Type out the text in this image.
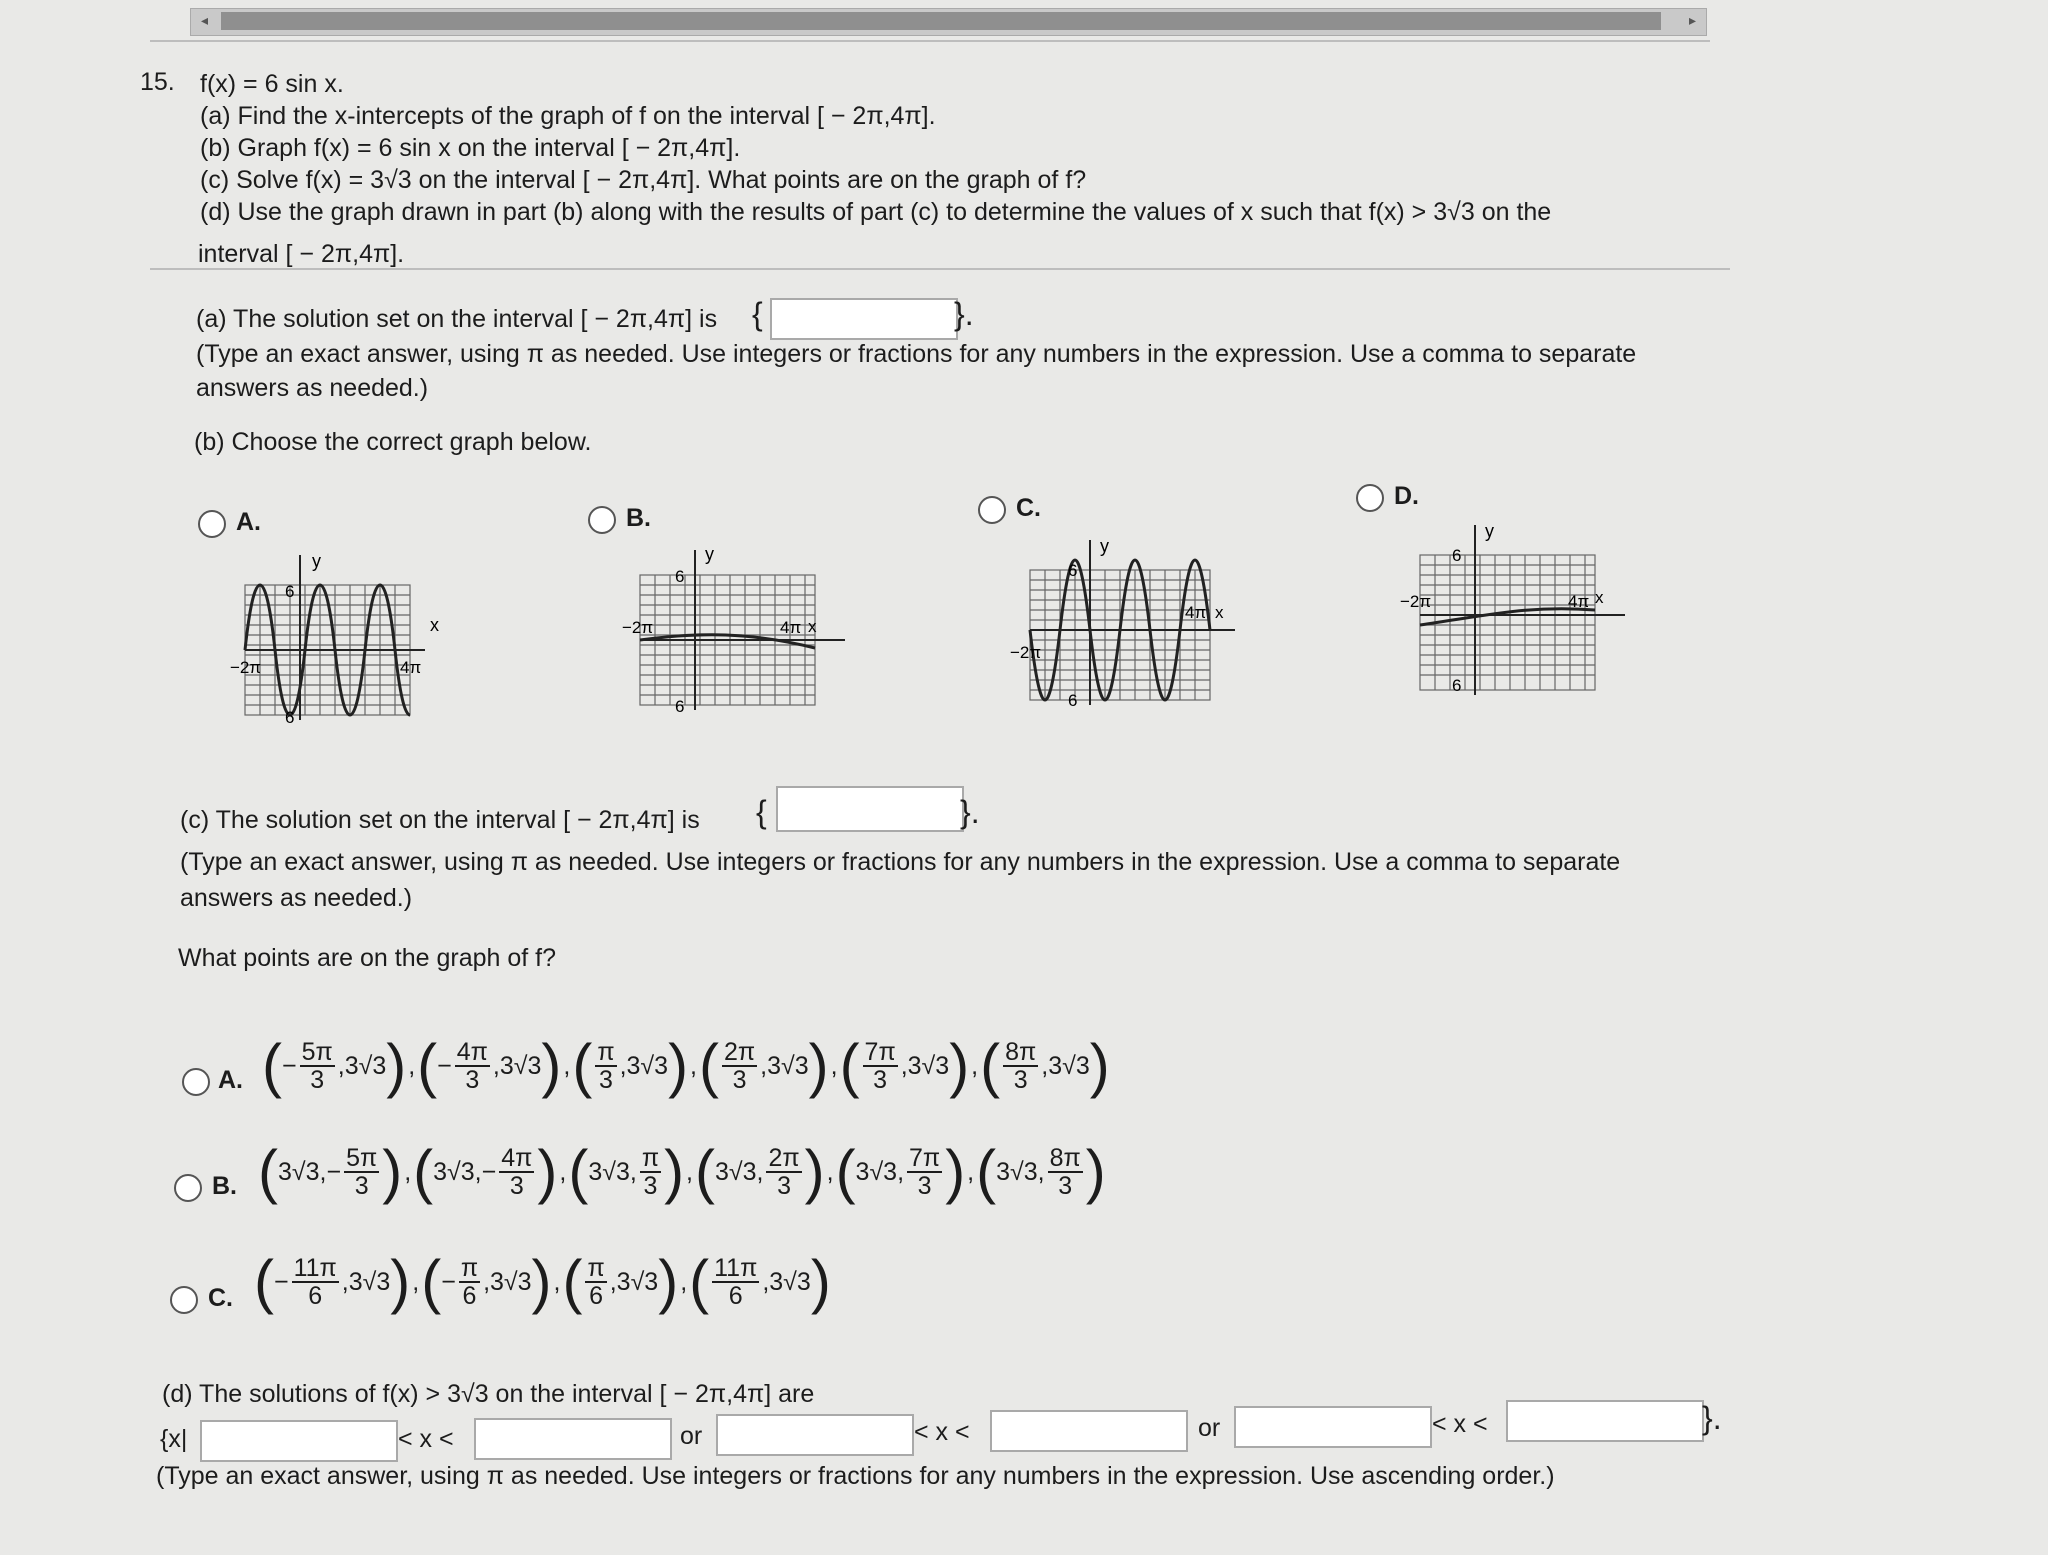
◂	▸
15. f(x) = 6 sin x.
(a) Find the x-intercepts of the graph of f on the interval [ − 2π,4π].
(b) Graph f(x) = 6 sin x on the interval [ − 2π,4π].
(c) Solve f(x) = 3√3 on the interval [ − 2π,4π]. What points are on the graph of f?
(d) Use the graph drawn in part (b) along with the results of part (c) to determine the values of x such that f(x) > 3√3 on the
interval [ − 2π,4π].
(a) The solution set on the interval [ − 2π,4π] is {	}.
(Type an exact answer, using π as needed. Use integers or fractions for any numbers in the expression. Use a comma to separate
answers as needed.)
(b) Choose the correct graph below.
A.
y
x
6
6
−2π	4π
B.
y
x
6
6
−2π	4π
C.
y
x
6
6
−2π
4π
D.
y
x
6
6
−2π	4π
(c) The solution set on the interval [ − 2π,4π] is {	}.
(Type an exact answer, using π as needed. Use integers or fractions for any numbers in the expression. Use a comma to separate
answers as needed.)
What points are on the graph of f?
A. ( − $\frac{5\pi}{3} ,3√3$ ) , ( − $\frac{4\pi}{3} ,3√3$ ) , ( $\frac{\pi}{3} ,3√3$ ) , ( $\frac{2\pi}{3} ,3√3$ ) , ( $\frac{7\pi}{3} ,3√3$ ) , ( $\frac{8\pi}{3} ,3√3$ )
B. ( 3√3, − $\frac{5\pi}{3}$ ) , ( 3√3, − $\frac{4\pi}{3}$ ) , ( 3√3, $\frac{\pi}{3}$ ) , ( 3√3, $\frac{2\pi}{3}$ ) , ( 3√3, $\frac{7\pi}{3}$ ) , ( 3√3, $\frac{8\pi}{3}$ )
C. ( − $\frac{11\pi}{6} ,3√3$ ) , ( − $\frac{\pi}{6} ,3√3$ ) , ( $\frac{\pi}{6} ,3√3$ ) , ( $\frac{11\pi}{6} ,3√3$ )
(d) The solutions of f(x) > 3√3 on the interval [ − 2π,4π] are
{x|	< x <	or	< x <	or	< x <	}.
(Type an exact answer, using π as needed. Use integers or fractions for any numbers in the expression. Use ascending order.)
